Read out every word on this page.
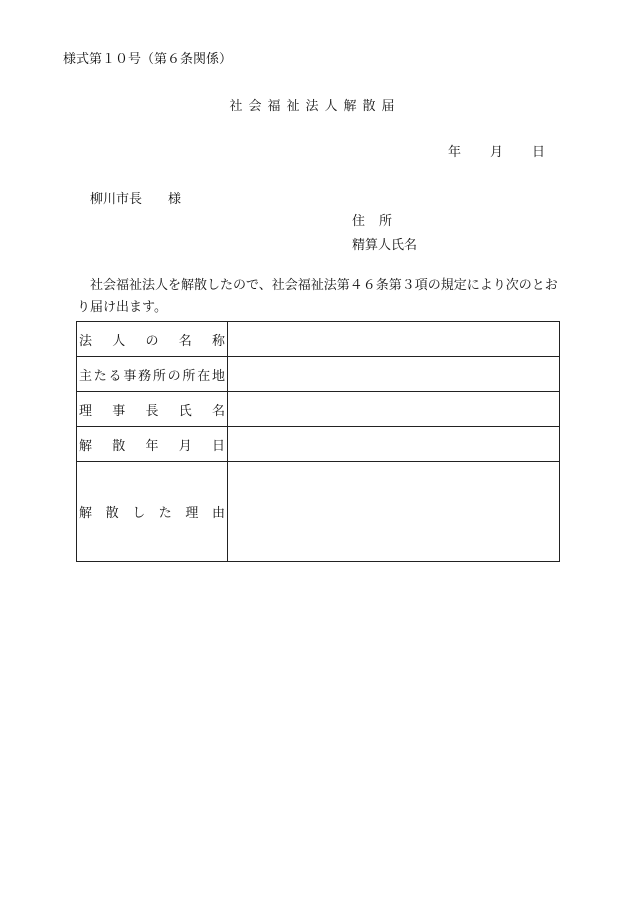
様式第１０号（第６条関係）
社会福祉法人解散届
年 月 日
柳川市長 様
住 所
精算人氏名
社会福祉法人を解散したので、社会福祉法第４６条第３項の規定により次のとおり届け出ます。
法 人 の 名 称	
主たる事務所の所在地	
理 事 長 氏 名	
解 散 年 月 日	
解 散 し た 理 由	
